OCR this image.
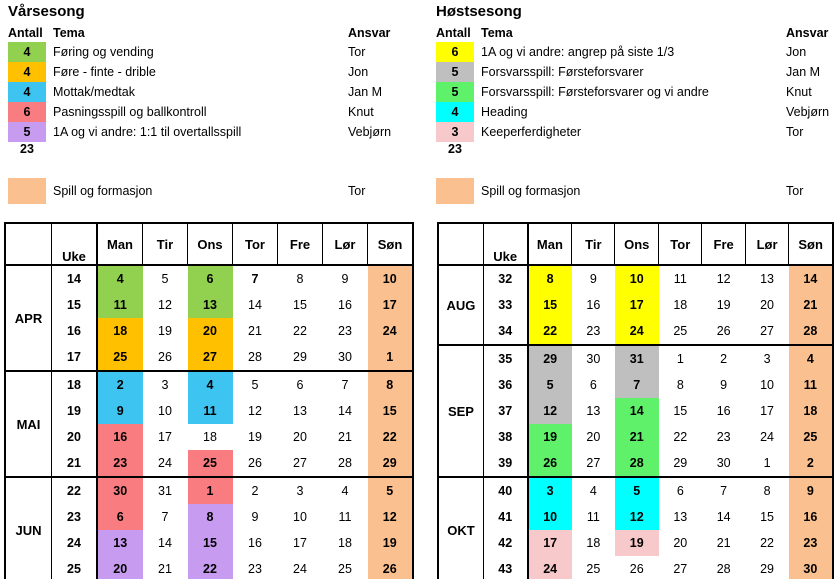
Vårsesong
Antall Tema	Ansvar
4	Føring og vending	Tor
4	Føre - finte - drible	Jon
4	Mottak/medtak	Jan M
6	Pasningsspill og ballkontroll	Knut
5	1A og vi andre: 1:1 til overtallsspill	Vebjørn
23
Spill og formasjon	Tor
Høstsesong
Antall Tema	Ansvar
6	1A og vi andre: angrep på siste 1/3	Jon
5	Forsvarsspill: Førsteforsvarer	Jan M
5	Forsvarsspill: Førsteforsvarer og vi andre	Knut
4	Heading	Vebjørn
3	Keeperferdigheter	Tor
23
Spill og formasjon	Tor
	Uke	Man	Tir	Ons	Tor	Fre	Lør	Søn
APR	14	4	5	6	7	8	9	10
	15	11	12	13	14	15	16	17
	16	18	19	20	21	22	23	24
	17	25	26	27	28	29	30	1
MAI	18	2	3	4	5	6	7	8
	19	9	10	11	12	13	14	15
	20	16	17	18	19	20	21	22
	21	23	24	25	26	27	28	29
JUN	22	30	31	1	2	3	4	5
	23	6	7	8	9	10	11	12
	24	13	14	15	16	17	18	19
	25	20	21	22	23	24	25	26
	Uke	Man	Tir	Ons	Tor	Fre	Lør	Søn
AUG	32	8	9	10	11	12	13	14
	33	15	16	17	18	19	20	21
	34	22	23	24	25	26	27	28
SEP	35	29	30	31	1	2	3	4
	36	5	6	7	8	9	10	11
	37	12	13	14	15	16	17	18
	38	19	20	21	22	23	24	25
	39	26	27	28	29	30	1	2
OKT	40	3	4	5	6	7	8	9
	41	10	11	12	13	14	15	16
	42	17	18	19	20	21	22	23
	43	24	25	26	27	28	29	30
